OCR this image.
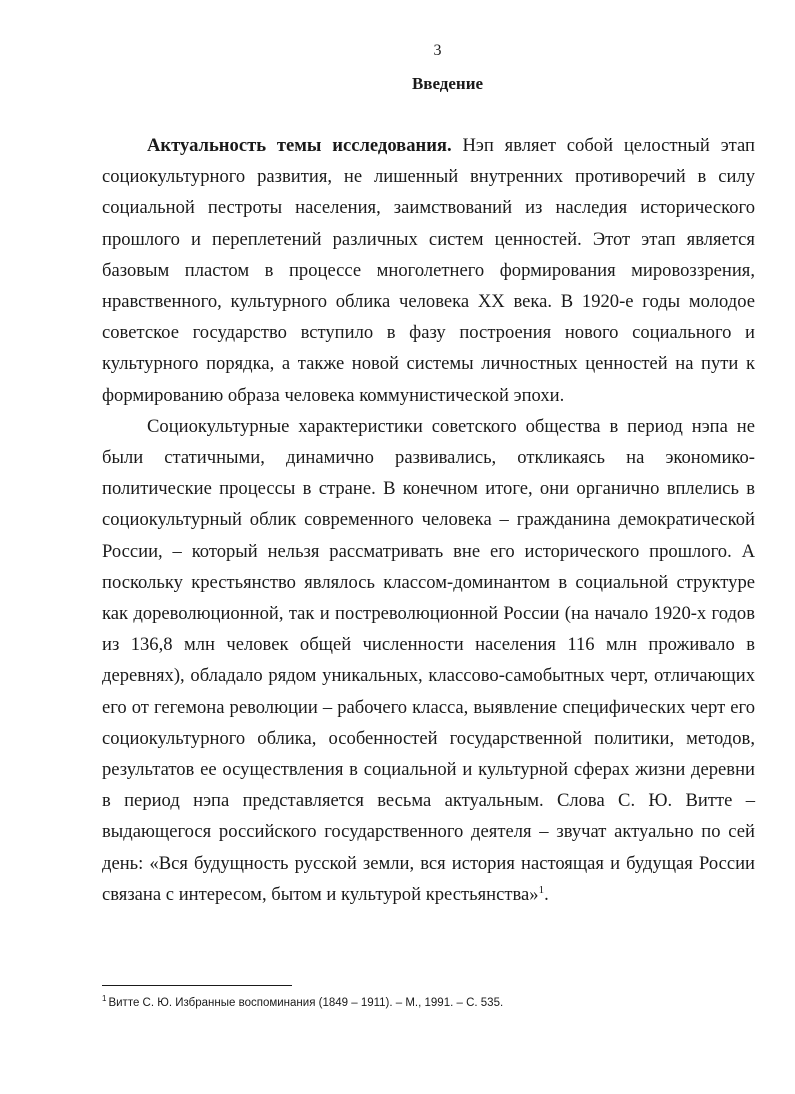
3
Введение

Актуальность темы исследования. Нэп являет собой целостный этап социокультурного развития, не лишенный внутренних противоречий в силу социальной пестроты населения, заимствований из наследия исторического прошлого и переплетений различных систем ценностей. Этот этап является базовым пластом в процессе многолетнего формирования мировоззрения, нравственного, культурного облика человека XX века. В 1920-е годы молодое советское государство вступило в фазу построения нового социального и культурного порядка, а также новой системы личностных ценностей на пути к формированию образа человека коммунистической эпохи.

Социокультурные характеристики советского общества в период нэпа не были статичными, динамично развивались, откликаясь на экономико-политические процессы в стране. В конечном итоге, они органично вплелись в социокультурный облик современного человека – гражданина демократической России, – который нельзя рассматривать вне его исторического прошлого. А поскольку крестьянство являлось классом-доминантом в социальной структуре как дореволюционной, так и постреволюционной России (на начало 1920-х годов из 136,8 млн человек общей численности населения 116 млн проживало в деревнях), обладало рядом уникальных, классово-самобытных черт, отличающих его от гегемона революции – рабочего класса, выявление специфических черт его социокультурного облика, особенностей государственной политики, методов, результатов ее осуществления в социальной и культурной сферах жизни деревни в период нэпа представляется весьма актуальным. Слова С. Ю. Витте – выдающегося российского государственного деятеля – звучат актуально по сей день: «Вся будущность русской земли, вся история настоящая и будущая России связана с интересом, бытом и культурой крестьянства»$^1$.

$^1$ Витте С. Ю. Избранные воспоминания (1849 – 1911). – М., 1991. – С. 535.
